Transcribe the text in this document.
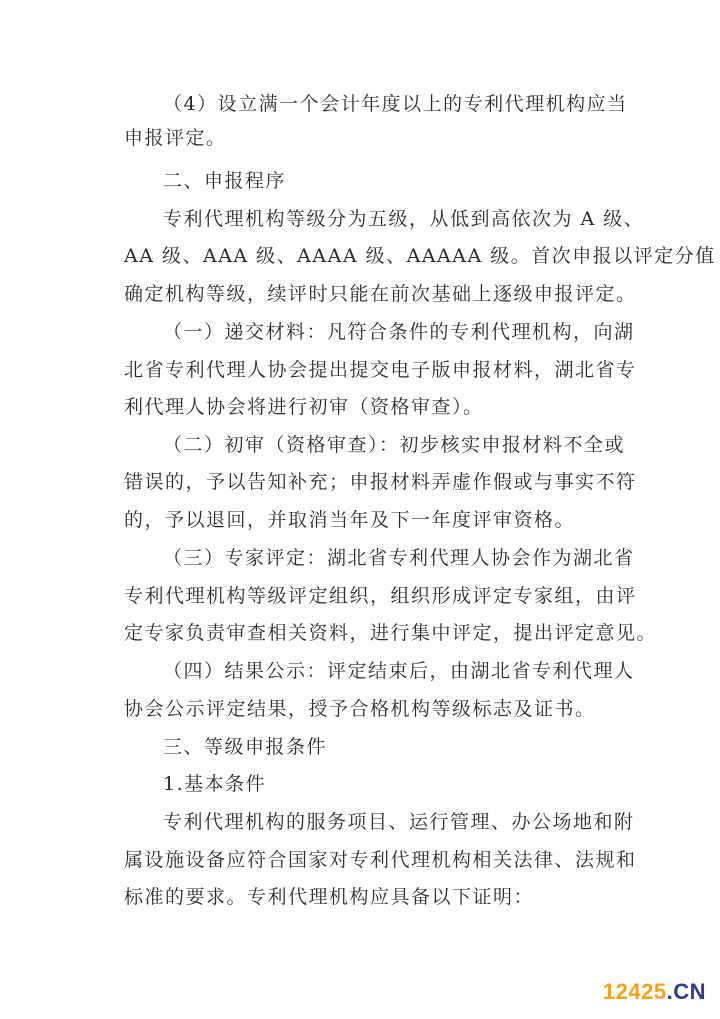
（4）设立满一个会计年度以上的专利代理机构应当
申报评定。
二、申报程序
专利代理机构等级分为五级，从低到高依次为 A 级、
AA 级、AAA 级、AAAA 级、AAAAA 级。首次申报以评定分值
确定机构等级，续评时只能在前次基础上逐级申报评定。
（一）递交材料：凡符合条件的专利代理机构，向湖
北省专利代理人协会提出提交电子版申报材料，湖北省专
利代理人协会将进行初审（资格审查）。
（二）初审（资格审查）：初步核实申报材料不全或
错误的，予以告知补充；申报材料弄虚作假或与事实不符
的，予以退回，并取消当年及下一年度评审资格。
（三）专家评定：湖北省专利代理人协会作为湖北省
专利代理机构等级评定组织，组织形成评定专家组，由评
定专家负责审查相关资料，进行集中评定，提出评定意见。
（四）结果公示：评定结束后，由湖北省专利代理人
协会公示评定结果，授予合格机构等级标志及证书。
三、等级申报条件
1.基本条件
专利代理机构的服务项目、运行管理、办公场地和附
属设施设备应符合国家对专利代理机构相关法律、法规和
标准的要求。专利代理机构应具备以下证明：
12425.CN
